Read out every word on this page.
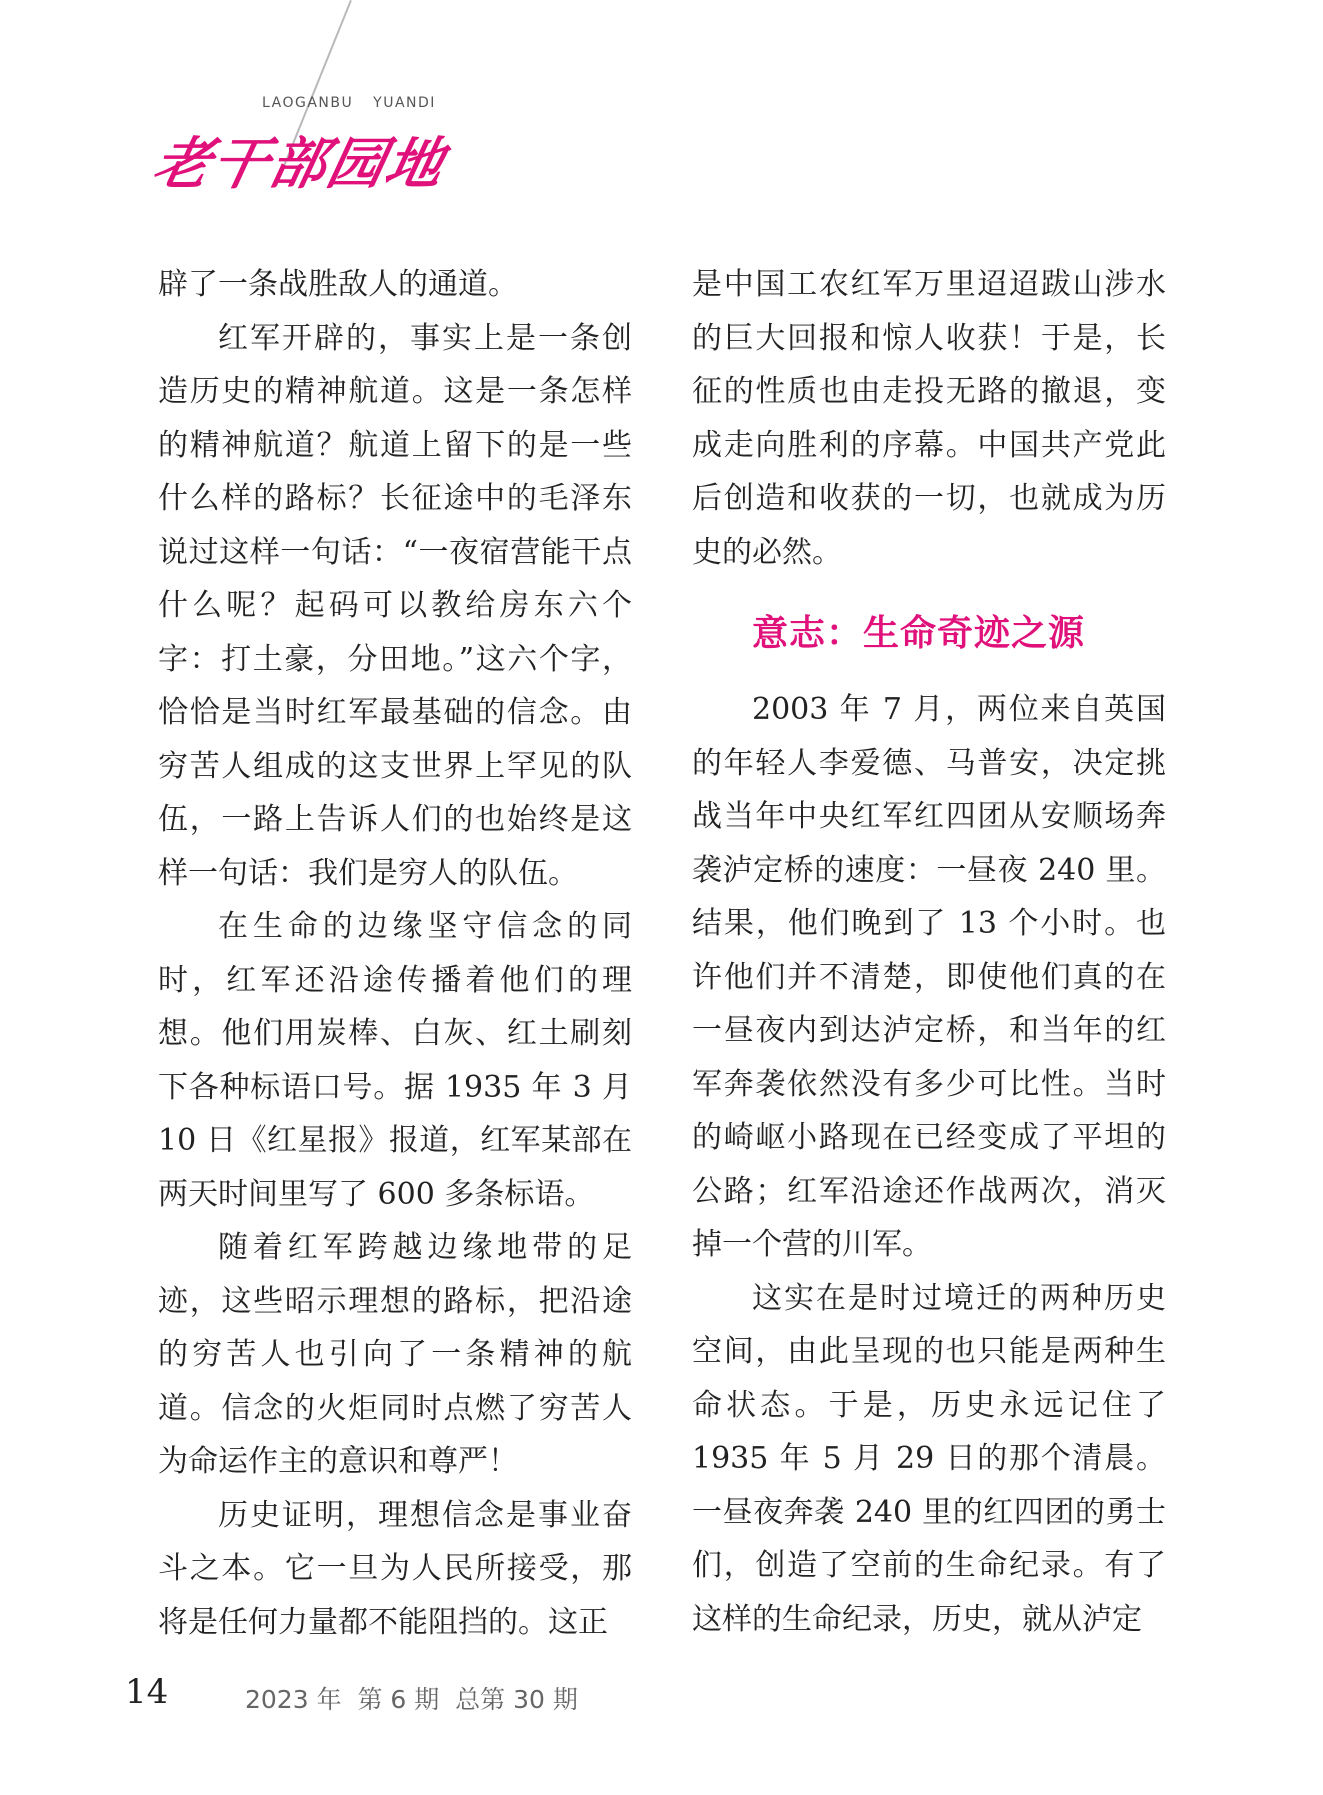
LAOGANBU YUANDI
老干部园地

辟了一条战胜敌人的通道。

红军开辟的，事实上是一条创造历史的精神航道。这是一条怎样的精神航道？航道上留下的是一些什么样的路标？长征途中的毛泽东说过这样一句话：“一夜宿营能干点什么呢？起码可以教给房东六个字：打土豪，分田地。”这六个字，恰恰是当时红军最基础的信念。由穷苦人组成的这支世界上罕见的队伍，一路上告诉人们的也始终是这样一句话：我们是穷人的队伍。

在生命的边缘坚守信念的同时，红军还沿途传播着他们的理想。他们用炭棒、白灰、红土刷刻下各种标语口号。据 1935 年 3 月 10 日《红星报》报道，红军某部在两天时间里写了 600 多条标语。

随着红军跨越边缘地带的足迹，这些昭示理想的路标，把沿途的穷苦人也引向了一条精神的航道。信念的火炬同时点燃了穷苦人为命运作主的意识和尊严！

历史证明，理想信念是事业奋斗之本。它一旦为人民所接受，那将是任何力量都不能阻挡的。这正

是中国工农红军万里迢迢跋山涉水的巨大回报和惊人收获！于是，长征的性质也由走投无路的撤退，变成走向胜利的序幕。中国共产党此后创造和收获的一切，也就成为历史的必然。

意志：生命奇迹之源

2003 年 7 月，两位来自英国的年轻人李爱德、马普安，决定挑战当年中央红军红四团从安顺场奔袭泸定桥的速度：一昼夜 240 里。结果，他们晚到了 13 个小时。也许他们并不清楚，即使他们真的在一昼夜内到达泸定桥，和当年的红军奔袭依然没有多少可比性。当时的崎岖小路现在已经变成了平坦的公路；红军沿途还作战两次，消灭掉一个营的川军。

这实在是时过境迁的两种历史空间，由此呈现的也只能是两种生命状态。于是，历史永远记住了 1935 年 5 月 29 日的那个清晨。一昼夜奔袭 240 里的红四团的勇士们，创造了空前的生命纪录。有了这样的生命纪录，历史，就从泸定

14	2023 年  第 6 期  总第 30 期
